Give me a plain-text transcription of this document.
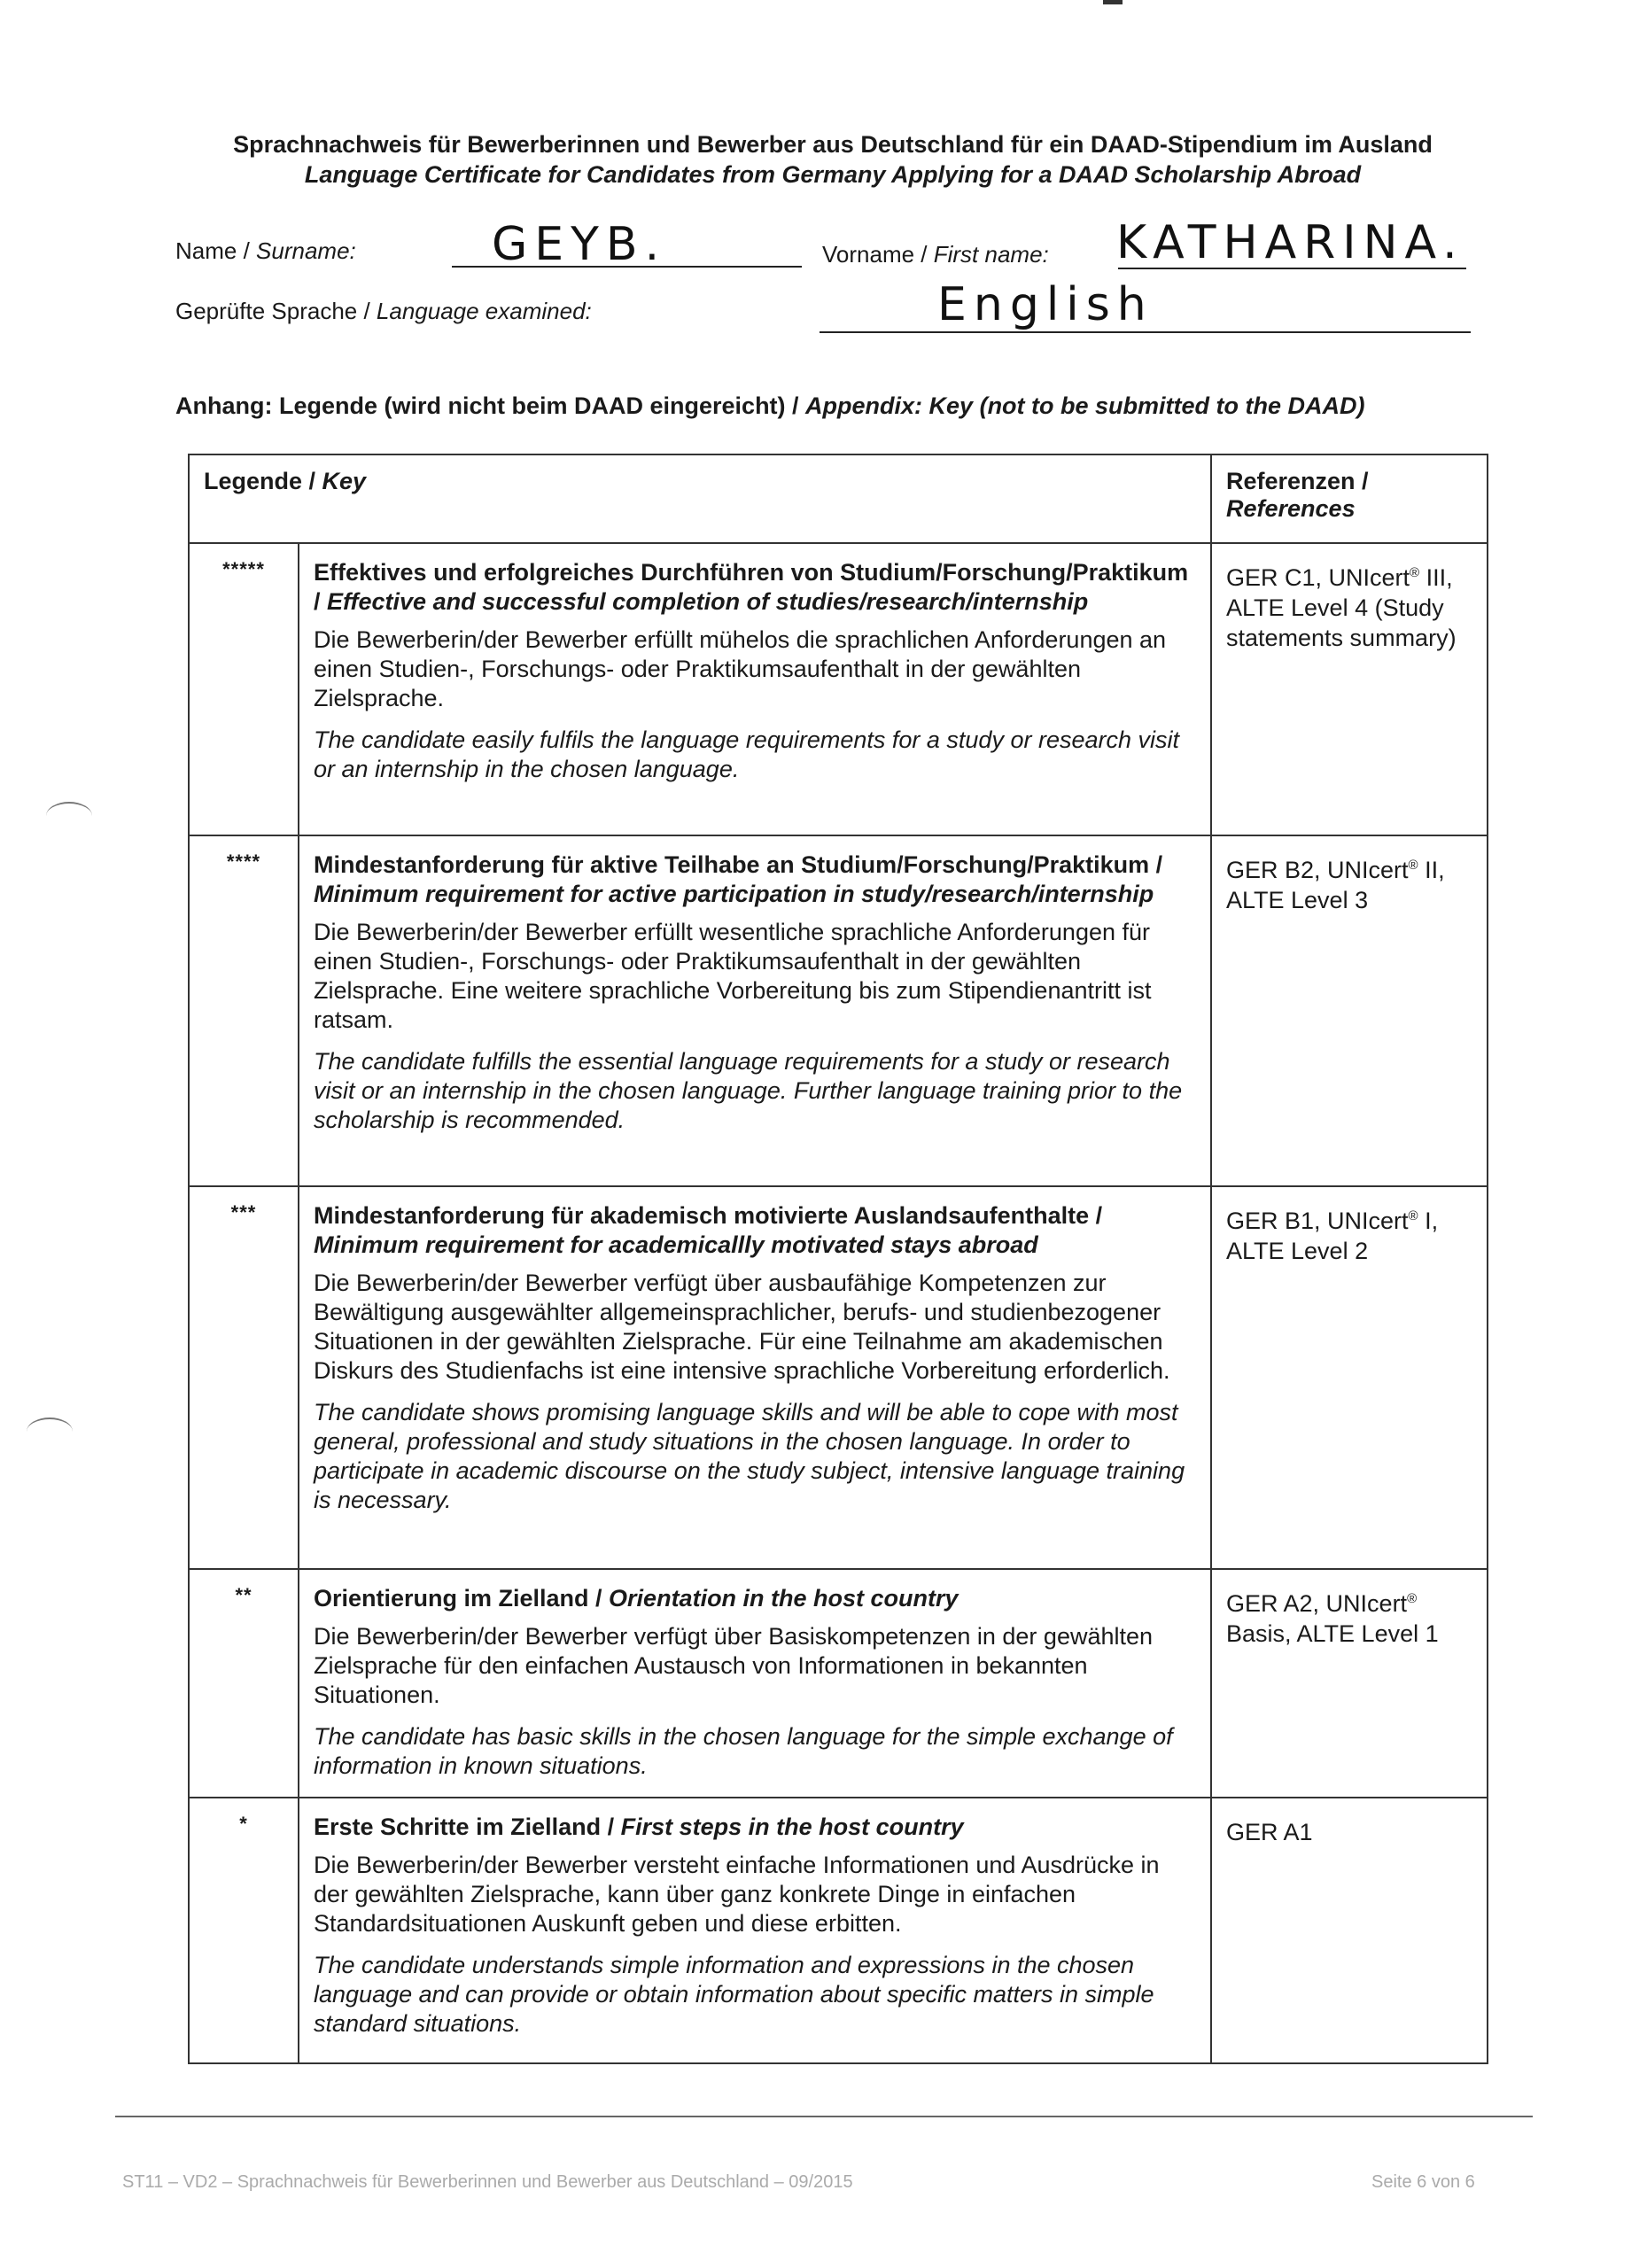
Sprachnachweis für Bewerberinnen und Bewerber aus Deutschland für ein DAAD-Stipendium im Ausland
Language Certificate for Candidates from Germany Applying for a DAAD Scholarship Abroad
Name / Surname:	GEYB.	Vorname / First name: KATHARINA.
Geprüfte Sprache / Language examined:	English
Anhang: Legende (wird nicht beim DAAD eingereicht) / Appendix: Key (not to be submitted to the DAAD)
Legende / Key		Referenzen /
References
*****	Effektives und erfolgreiches Durchführen von Studium/Forschung/Praktikum / Effective and successful completion of studies/research/internship
Die Bewerberin/der Bewerber erfüllt mühelos die sprachlichen Anforderungen an einen Studien-, Forschungs- oder Praktikumsaufenthalt in der gewählten Zielsprache.
The candidate easily fulfils the language requirements for a study or research visit or an internship in the chosen language.	GER C1, UNIcert® III, ALTE Level 4 (Study statements summary)
****	Mindestanforderung für aktive Teilhabe an Studium/Forschung/Praktikum / Minimum requirement for active participation in study/research/internship
Die Bewerberin/der Bewerber erfüllt wesentliche sprachliche Anforderungen für einen Studien-, Forschungs- oder Praktikumsaufenthalt in der gewählten Zielsprache. Eine weitere sprachliche Vorbereitung bis zum Stipendienantritt ist ratsam.
The candidate fulfills the essential language requirements for a study or research visit or an internship in the chosen language. Further language training prior to the scholarship is recommended.	GER B2, UNIcert® II, ALTE Level 3
***	Mindestanforderung für akademisch motivierte Auslandsaufenthalte / Minimum requirement for academicallly motivated stays abroad
Die Bewerberin/der Bewerber verfügt über ausbaufähige Kompetenzen zur Bewältigung ausgewählter allgemeinsprachlicher, berufs- und studienbezogener Situationen in der gewählten Zielsprache. Für eine Teilnahme am akademischen Diskurs des Studienfachs ist eine intensive sprachliche Vorbereitung erforderlich.
The candidate shows promising language skills and will be able to cope with most general, professional and study situations in the chosen language. In order to participate in academic discourse on the study subject, intensive language training is necessary.	GER B1, UNIcert® I, ALTE Level 2
**	Orientierung im Zielland / Orientation in the host country
Die Bewerberin/der Bewerber verfügt über Basiskompetenzen in der gewählten Zielsprache für den einfachen Austausch von Informationen in bekannten Situationen.
The candidate has basic skills in the chosen language for the simple exchange of information in known situations.	GER A2, UNIcert® Basis, ALTE Level 1
*	Erste Schritte im Zielland / First steps in the host country
Die Bewerberin/der Bewerber versteht einfache Informationen und Ausdrücke in der gewählten Zielsprache, kann über ganz konkrete Dinge in einfachen Standardsituationen Auskunft geben und diese erbitten.
The candidate understands simple information and expressions in the chosen language and can provide or obtain information about specific matters in simple standard situations.	GER A1
ST11 – VD2 – Sprachnachweis für Bewerberinnen und Bewerber aus Deutschland – 09/2015	Seite 6 von 6
